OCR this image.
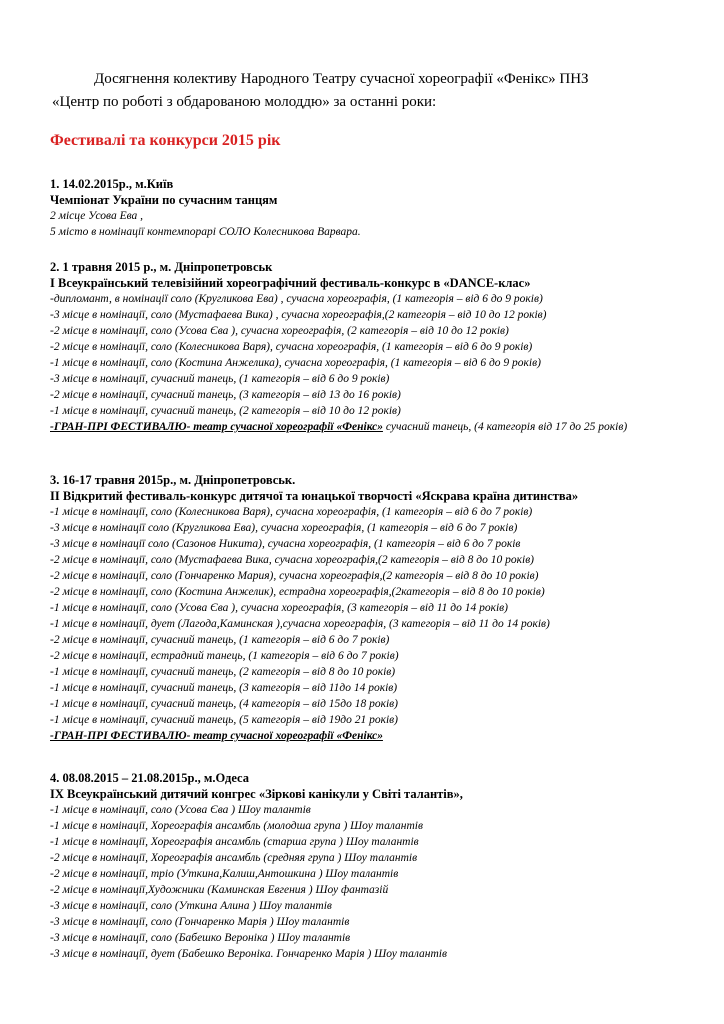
Досягнення колективу Народного Театру сучасної хореографії «Фенікс» ПНЗ
«Центр по роботі з обдарованою молоддю» за останні роки:
Фестивалі та конкурси 2015 рік
1. 14.02.2015р., м.Київ
Чемпіонат України по сучасним танцям
2 місце Усова Ева ,
5 місто в номінації контемпорарі СОЛО Колесникова Варвара.
2. 1 травня 2015 р., м. Дніпропетровськ
І Всеукраїнський телевізійний хореографічний фестиваль-конкурс в «DANCE-клас»
-дипломант, в номінації соло (Кругликова Ева) , сучасна хореографія, (1 категорія – від 6 до 9 років)
-3 місце в номінації, соло (Мустафаева Вика) , сучасна хореографія,(2 категорія – від 10 до 12 років)
-2 місце в номінації, соло (Усова Єва ), сучасна хореографія, (2 категорія – від 10 до 12 років)
-2 місце в номінації, соло (Колесникова Варя), сучасна хореографія, (1 категорія – від 6 до 9 років)
-1 місце в номінації, соло (Костина Анжелика), сучасна хореографія, (1 категорія – від 6 до 9 років)
-3 місце в номінації, сучасний танець, (1 категорія – від 6 до 9 років)
-2 місце в номінації, сучасний танець, (3 категорія – від 13 до 16 років)
-1 місце в номінації, сучасний танець, (2 категорія – від 10 до 12 років)
-ГРАН-ПРІ ФЕСТИВАЛЮ- театр сучасної хореографії «Фенікс» сучасний танець, (4 категорія від 17 до 25 років)
3. 16-17 травня 2015р., м. Дніпропетровськ.
ІІ Відкритий фестиваль-конкурс дитячої та юнацької творчості «Яскрава країна дитинства»
-1 місце в номінації, соло (Колесникова Варя), сучасна хореографія, (1 категорія – від 6 до 7 років)
-3 місце в номінації соло (Кругликова Ева), сучасна хореографія, (1 категорія – від 6 до 7 років)
-3 місце в номінації соло (Сазонов Никита), сучасна хореографія, (1 категорія – від 6 до 7 років
-2 місце в номінації, соло (Мустафаева Вика, сучасна хореографія,(2 категорія – від 8 до 10 років)
-2 місце в номінації, соло (Гончаренко Мария), сучасна хореографія,(2 категорія – від 8 до 10 років)
-2 місце в номінації, соло (Костина Анжелик), естрадна хореографія,(2категорія – від 8 до 10 років)
-1 місце в номінації, соло (Усова Єва ), сучасна хореографія, (3 категорія – від 11 до 14 років)
-1 місце в номінації, дует (Лагода,Каминская ),сучасна хореографія, (3 категорія – від 11 до 14 років)
-2 місце в номінації, сучасний танець, (1 категорія – від 6 до 7 років)
-2 місце в номінації, естрадний танець, (1 категорія – від 6 до 7 років)
-1 місце в номінації, сучасний танець, (2 категорія – від 8 до 10 років)
-1 місце в номінації, сучасний танець, (3 категорія – від 11до 14 років)
-1 місце в номінації, сучасний танець, (4 категорія – від 15до 18 років)
-1 місце в номінації, сучасний танець, (5 категорія – від 19до 21 років)
-ГРАН-ПРІ ФЕСТИВАЛЮ- театр сучасної хореографії «Фенікс»
4. 08.08.2015 – 21.08.2015р., м.Одеса
IX Всеукраїнський дитячий конгрес «Зіркові канікули у Світі талантів»,
-1 місце в номінації, соло (Усова Єва ) Шоу талантів
-1 місце в номінації, Хореографія ансамбль (молодша група ) Шоу талантів
-1 місце в номінації, Хореографія ансамбль (старша група ) Шоу талантів
-2 місце в номінації, Хореографія ансамбль (средняя група ) Шоу талантів
-2 місце в номінації, тріо (Уткина,Калиш,Антошкина ) Шоу талантів
-2 місце в номінації,Художники (Каминская Евгения ) Шоу фантазій
-3 місце в номінації, соло (Уткина Алина ) Шоу талантів
-3 місце в номінації, соло (Гончаренко Марія ) Шоу талантів
-3 місце в номінації, соло (Бабешко Вероніка ) Шоу талантів
-3 місце в номінації, дует (Бабешко Вероніка. Гончаренко Марія ) Шоу талантів
